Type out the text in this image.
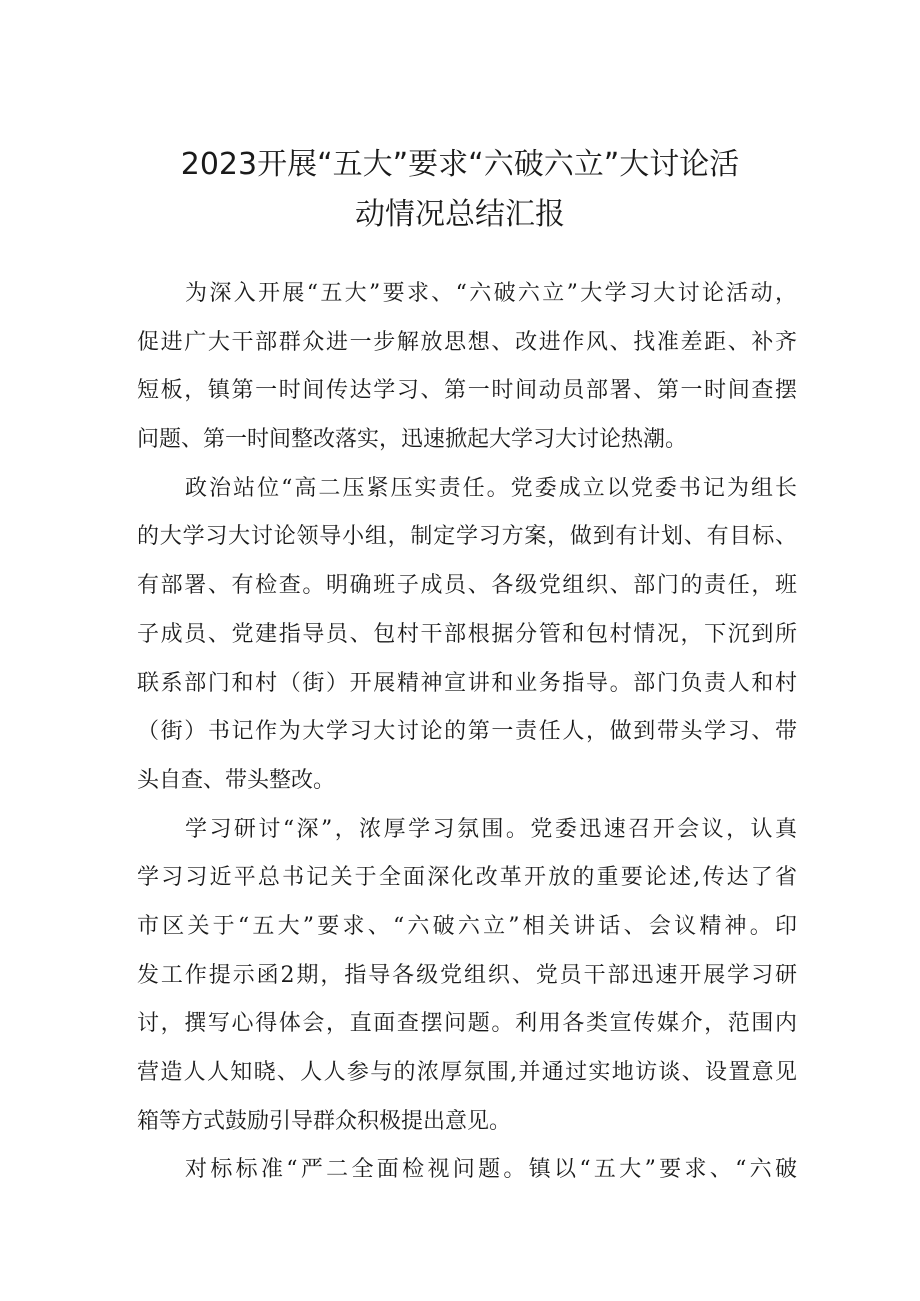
2023开展“五大”要求“六破六立”大讨论活
动情况总结汇报

为深入开展“五大”要求、“六破六立”大学习大讨论活动，
促进广大干部群众进一步解放思想、改进作风、找准差距、补齐
短板，镇第一时间传达学习、第一时间动员部署、第一时间查摆
问题、第一时间整改落实，迅速掀起大学习大讨论热潮。

政治站位“高二压紧压实责任。党委成立以党委书记为组长
的大学习大讨论领导小组，制定学习方案，做到有计划、有目标、
有部署、有检查。明确班子成员、各级党组织、部门的责任，班
子成员、党建指导员、包村干部根据分管和包村情况，下沉到所
联系部门和村（街）开展精神宣讲和业务指导。部门负责人和村
（街）书记作为大学习大讨论的第一责任人，做到带头学习、带
头自查、带头整改。

学习研讨“深”，浓厚学习氛围。党委迅速召开会议，认真
学习习近平总书记关于全面深化改革开放的重要论述,传达了省
市区关于“五大”要求、“六破六立”相关讲话、会议精神。印
发工作提示函2期，指导各级党组织、党员干部迅速开展学习研
讨，撰写心得体会，直面查摆问题。利用各类宣传媒介，范围内
营造人人知晓、人人参与的浓厚氛围,并通过实地访谈、设置意见
箱等方式鼓励引导群众积极提出意见。

对标标准“严二全面检视问题。镇以“五大”要求、“六破
